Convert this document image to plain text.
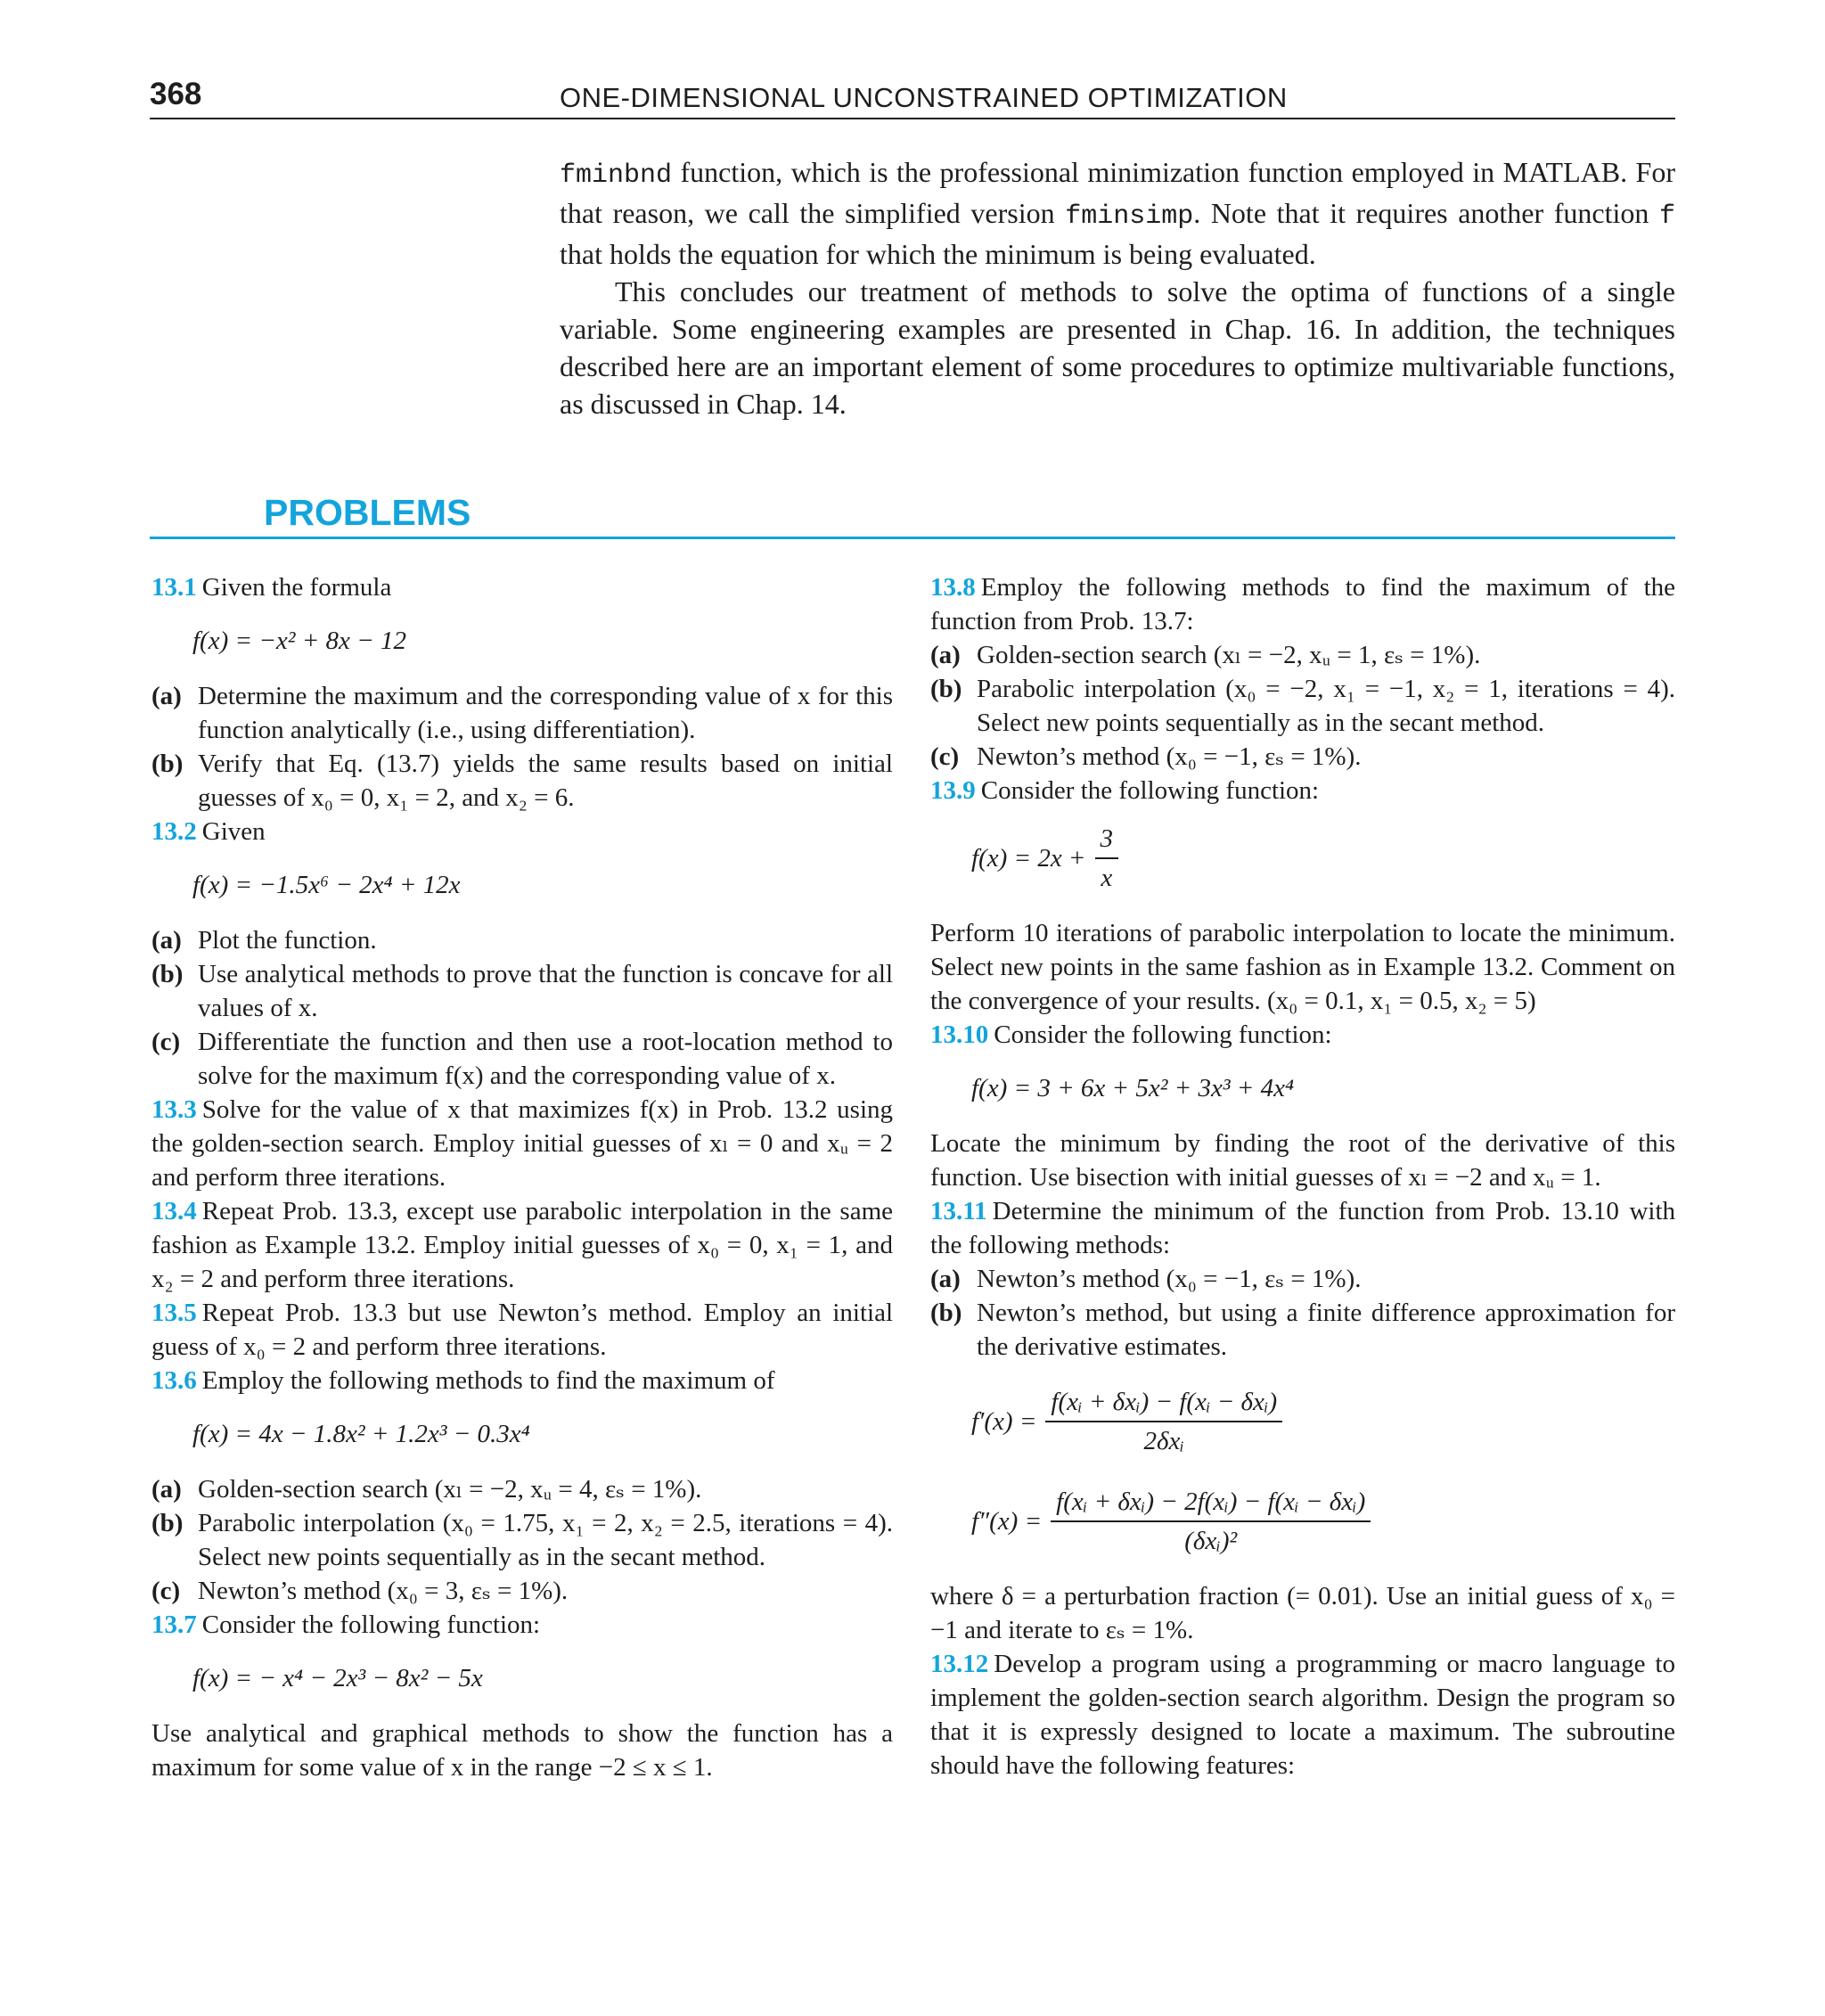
368	ONE-DIMENSIONAL UNCONSTRAINED OPTIMIZATION

fminbnd function, which is the professional minimization function employed in MATLAB. For that reason, we call the simplified version fminsimp. Note that it requires another function f that holds the equation for which the minimum is being evaluated.

This concludes our treatment of methods to solve the optima of functions of a single variable. Some engineering examples are presented in Chap. 16. In addition, the techniques described here are an important element of some procedures to optimize multivariable functions, as discussed in Chap. 14.

PROBLEMS

13.1 Given the formula

f(x) = −x² + 8x − 12

(a) Determine the maximum and the corresponding value of x for this function analytically (i.e., using differentiation).

(b) Verify that Eq. (13.7) yields the same results based on initial guesses of x₀ = 0, x₁ = 2, and x₂ = 6.

13.2 Given

f(x) = −1.5x⁶ − 2x⁴ + 12x

(a) Plot the function.

(b) Use analytical methods to prove that the function is concave for all values of x.

(c) Differentiate the function and then use a root-location method to solve for the maximum f(x) and the corresponding value of x.

13.3 Solve for the value of x that maximizes f(x) in Prob. 13.2 using the golden-section search. Employ initial guesses of xₗ = 0 and xᵤ = 2 and perform three iterations.

13.4 Repeat Prob. 13.3, except use parabolic interpolation in the same fashion as Example 13.2. Employ initial guesses of x₀ = 0, x₁ = 1, and x₂ = 2 and perform three iterations.

13.5 Repeat Prob. 13.3 but use Newton’s method. Employ an initial guess of x₀ = 2 and perform three iterations.

13.6 Employ the following methods to find the maximum of

f(x) = 4x − 1.8x² + 1.2x³ − 0.3x⁴

(a) Golden-section search (xₗ = −2, xᵤ = 4, εₛ = 1%).

(b) Parabolic interpolation (x₀ = 1.75, x₁ = 2, x₂ = 2.5, iterations = 4). Select new points sequentially as in the secant method.

(c) Newton’s method (x₀ = 3, εₛ = 1%).

13.7 Consider the following function:

f(x) = − x⁴ − 2x³ − 8x² − 5x

Use analytical and graphical methods to show the function has a maximum for some value of x in the range −2 ≤ x ≤ 1.

13.8 Employ the following methods to find the maximum of the function from Prob. 13.7:

(a) Golden-section search (xₗ = −2, xᵤ = 1, εₛ = 1%).

(b) Parabolic interpolation (x₀ = −2, x₁ = −1, x₂ = 1, iterations = 4). Select new points sequentially as in the secant method.

(c) Newton’s method (x₀ = −1, εₛ = 1%).

13.9 Consider the following function:

$f(x) = 2x + \frac{3}{x}$

Perform 10 iterations of parabolic interpolation to locate the minimum. Select new points in the same fashion as in Example 13.2. Comment on the convergence of your results. (x₀ = 0.1, x₁ = 0.5, x₂ = 5)

13.10 Consider the following function:

f(x) = 3 + 6x + 5x² + 3x³ + 4x⁴

Locate the minimum by finding the root of the derivative of this function. Use bisection with initial guesses of xₗ = −2 and xᵤ = 1.

13.11 Determine the minimum of the function from Prob. 13.10 with the following methods:

(a) Newton’s method (x₀ = −1, εₛ = 1%).

(b) Newton’s method, but using a finite difference approximation for the derivative estimates.

$f'(x) = \frac{\text{f(xᵢ + δxᵢ) − f(xᵢ − δxᵢ)}}{\text{2δxᵢ}}$
$f''(x) = \frac{\text{f(xᵢ + δxᵢ) − 2f(xᵢ) − f(xᵢ − δxᵢ)}}{\text{(δxᵢ)²}}$

where δ = a perturbation fraction (= 0.01). Use an initial guess of x₀ = −1 and iterate to εₛ = 1%.

13.12 Develop a program using a programming or macro language to implement the golden-section search algorithm. Design the program so that it is expressly designed to locate a maximum. The subroutine should have the following features:
